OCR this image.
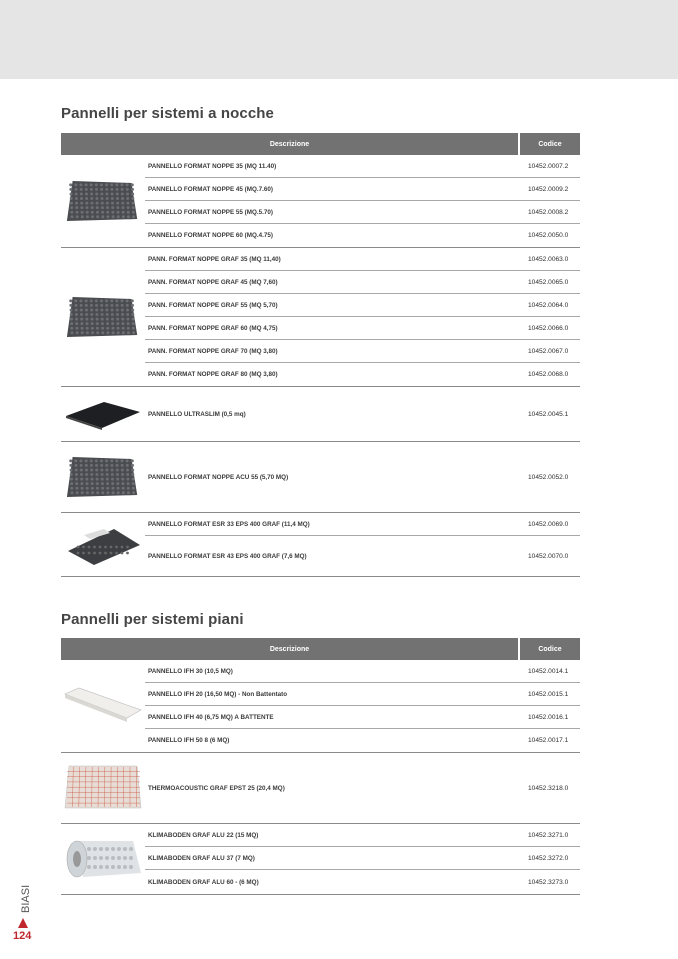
Pannelli per sistemi a nocche
Descrizione	Codice
PANNELLO FORMAT NOPPE 35 (MQ 11.40)	10452.0007.2
PANNELLO FORMAT NOPPE 45 (MQ.7.60)	10452.0009.2
PANNELLO FORMAT NOPPE 55 (MQ.5.70)	10452.0008.2
PANNELLO FORMAT NOPPE 60 (MQ.4.75)	10452.0050.0
PANN. FORMAT NOPPE GRAF 35 (MQ 11,40)	10452.0063.0
PANN. FORMAT NOPPE GRAF 45 (MQ 7,60)	10452.0065.0
PANN. FORMAT NOPPE GRAF 55 (MQ 5,70)	10452.0064.0
PANN. FORMAT NOPPE GRAF 60 (MQ 4,75)	10452.0066.0
PANN. FORMAT NOPPE GRAF 70 (MQ 3,80)	10452.0067.0
PANN. FORMAT NOPPE GRAF 80 (MQ 3,80)	10452.0068.0
PANNELLO ULTRASLIM (0,5 mq)	10452.0045.1
PANNELLO FORMAT NOPPE ACU 55 (5,70 MQ)	10452.0052.0
PANNELLO FORMAT ESR 33 EPS 400 GRAF (11,4 MQ)	10452.0069.0
PANNELLO FORMAT ESR 43 EPS 400 GRAF (7,6 MQ)	10452.0070.0
Pannelli per sistemi piani
Descrizione	Codice
PANNELLO IFH 30 (10,5 MQ)	10452.0014.1
PANNELLO IFH 20 (16,50 MQ) - Non Battentato	10452.0015.1
PANNELLO IFH 40 (6,75 MQ) A BATTENTE	10452.0016.1
PANNELLO IFH 50 8 (6 MQ)	10452.0017.1
THERMOACOUSTIC GRAF EPST 25 (20,4 MQ)	10452.3218.0
KLIMABODEN GRAF ALU 22 (15 MQ)	10452.3271.0
KLIMABODEN GRAF ALU 37 (7 MQ)	10452.3272.0
KLIMABODEN GRAF ALU 60 - (6 MQ)	10452.3273.0
BIASI
124
